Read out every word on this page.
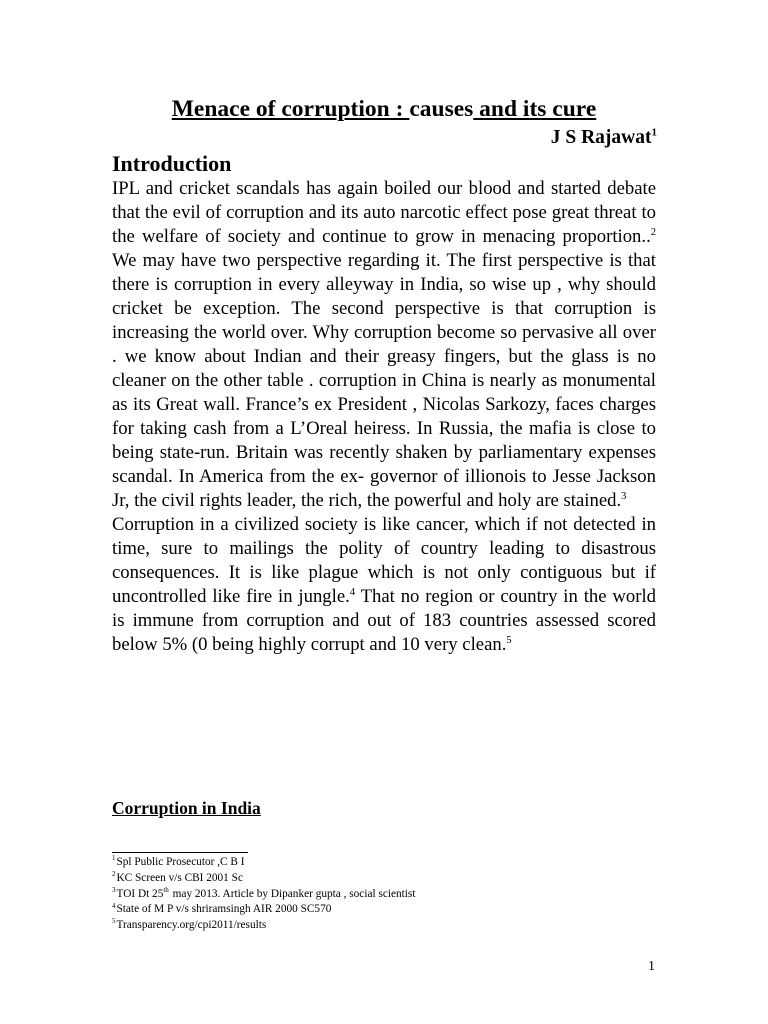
Menace of corruption : causes and its cure
J S Rajawat$^1$
Introduction

IPL and cricket scandals has again boiled our blood and started debate that the evil of corruption and its auto narcotic effect pose great threat to the welfare of society and continue to grow in menacing proportion..$^2$ We may have two perspective regarding it. The first perspective is that there is corruption in every alleyway in India, so wise up , why should cricket be exception. The second perspective is that corruption is increasing the world over. Why corruption become so pervasive all over . we know about Indian and their greasy fingers, but the glass is no cleaner on the other table . corruption in China is nearly as monumental as its Great wall. France’s ex President , Nicolas Sarkozy, faces charges for taking cash from a L’Oreal heiress. In Russia, the mafia is close to being state-run. Britain was recently shaken by parliamentary expenses scandal. In America from the ex- governor of illionois to Jesse Jackson Jr, the civil rights leader, the rich, the powerful and holy are stained.$^3$

Corruption in a civilized society is like cancer, which if not detected in time, sure to mailings the polity of country leading to disastrous consequences. It is like plague which is not only contiguous but if uncontrolled like fire in jungle.$^4$ That no region or country in the world is immune from corruption and out of 183 countries assessed scored below 5% (0 being highly corrupt and 10 very clean.$^5$

Corruption in India

$^1$Spl Public Prosecutor ,C B I

$^2$KC Screen v/s CBI 2001 Sc

$^3$TOI Dt 25th may 2013. Article by Dipanker gupta , social scientist

$^4$State of M P v/s shriramsingh AIR 2000 SC570

$^5$Transparency.org/cpi2011/results

1
